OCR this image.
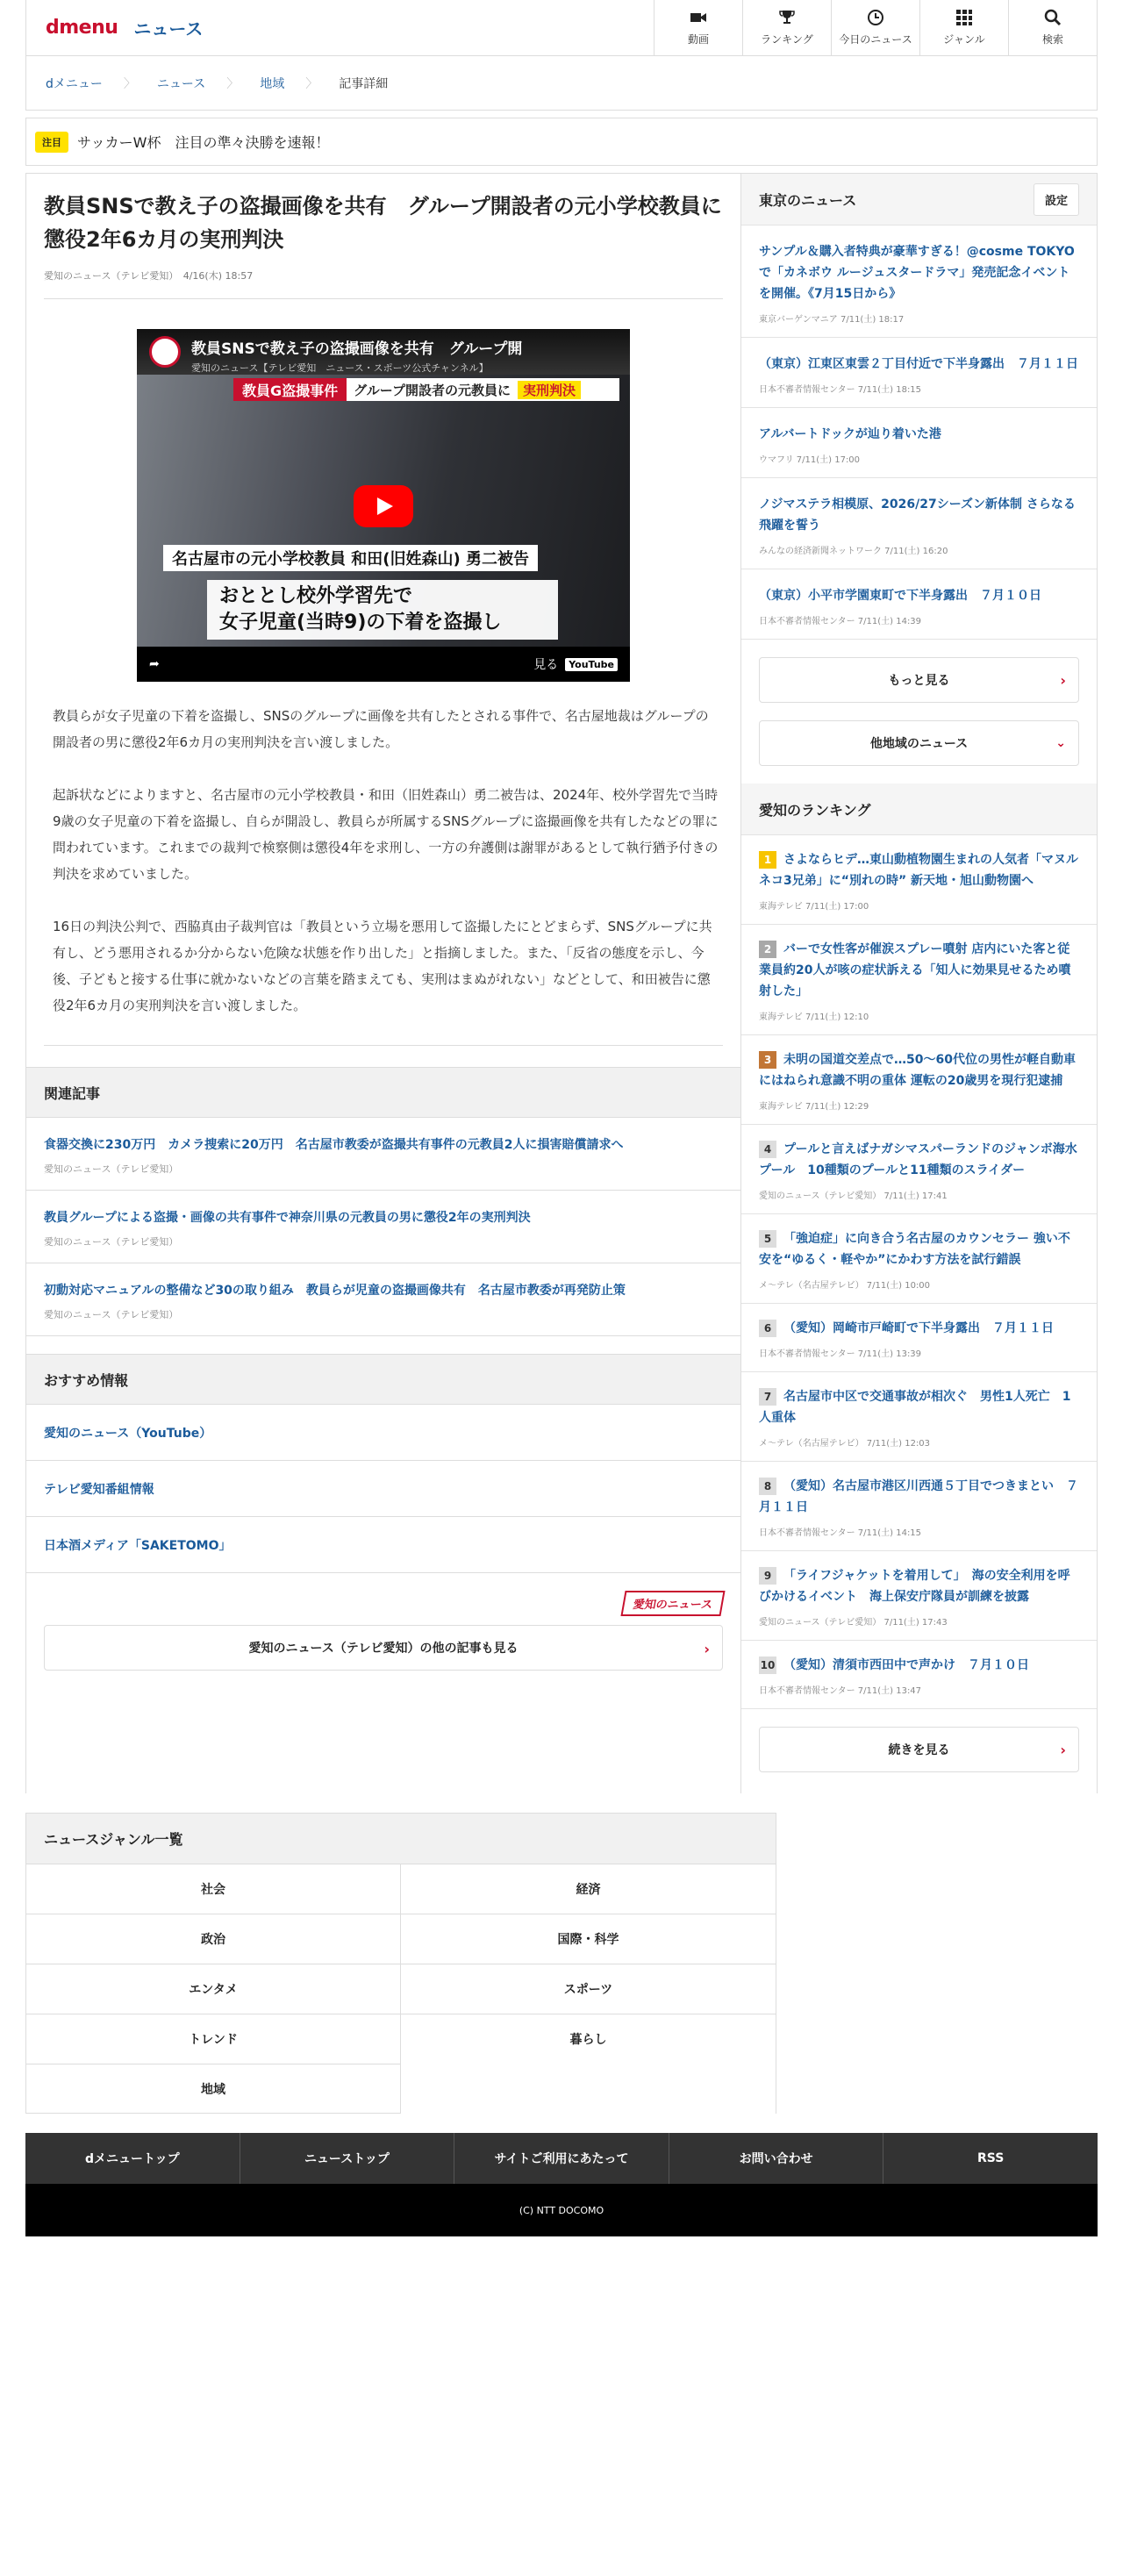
dmenu ニュース	動画	ランキング 今日のニュース	ジャンル	検索
dメニュー 〉 ニュース 〉 地域 〉 記事詳細
注目	サッカーW杯　注目の準々決勝を速報！
教員SNSで教え子の盗撮画像を共有　グループ開設者の元小学校教員に懲役2年6カ月の実刑判決
愛知のニュース（テレビ愛知）　4/16(木) 18:57
教員SNSで教え子の盗撮画像を共有　グループ開
愛知のニュース【テレビ愛知　ニュース・スポーツ公式チャンネル】
教員G盗撮事件	グループ開設者の元教員に 実刑判決
名古屋市の元小学校教員 和田(旧姓森山) 勇二被告
おととし校外学習先で
女子児童(当時9)の下着を盗撮し
➦	見る	YouTube

教員らが女子児童の下着を盗撮し、SNSのグループに画像を共有したとされる事件で、名古屋地裁はグループの開設者の男に懲役2年6カ月の実刑判決を言い渡しました。

起訴状などによりますと、名古屋市の元小学校教員・和田（旧姓森山）勇二被告は、2024年、校外学習先で当時9歳の女子児童の下着を盗撮し、自らが開設し、教員らが所属するSNSグループに盗撮画像を共有したなどの罪に問われています。これまでの裁判で検察側は懲役4年を求刑し、一方の弁護側は謝罪があるとして執行猶予付きの判決を求めていました。

16日の判決公判で、西脇真由子裁判官は「教員という立場を悪用して盗撮したにとどまらず、SNSグループに共有し、どう悪用されるか分からない危険な状態を作り出した」と指摘しました。また、「反省の態度を示し、今後、子どもと接する仕事に就かないなどの言葉を踏まえても、実刑はまぬがれない」などとして、和田被告に懲役2年6カ月の実刑判決を言い渡しました。

関連記事
食器交換に230万円　カメラ捜索に20万円　名古屋市教委が盗撮共有事件の元教員2人に損害賠償請求へ
愛知のニュース（テレビ愛知）
教員グループによる盗撮・画像の共有事件で神奈川県の元教員の男に懲役2年の実刑判決
愛知のニュース（テレビ愛知）
初動対応マニュアルの整備など30の取り組み　教員らが児童の盗撮画像共有　名古屋市教委が再発防止策
愛知のニュース（テレビ愛知）
おすすめ情報
愛知のニュース（YouTube）
テレビ愛知番組情報
日本酒メディア「SAKETOMO」
愛知のニュース
愛知のニュース（テレビ愛知）の他の記事も見る	›
東京のニュース	設定
サンプル＆購入者特典が豪華すぎる！@cosme TOKYOで「カネボウ ルージュスタードラマ」発売記念イベントを開催。《7月15日から》
東京バーゲンマニア 7/11(土) 18:17
（東京）江東区東雲２丁目付近で下半身露出　７月１１日
日本不審者情報センター 7/11(土) 18:15
アルバートドックが辿り着いた港
ウマフリ 7/11(土) 17:00
ノジマステラ相模原、2026/27シーズン新体制 さらなる飛躍を誓う
みんなの経済新聞ネットワーク 7/11(土) 16:20
（東京）小平市学園東町で下半身露出　７月１０日
日本不審者情報センター 7/11(土) 14:39
もっと見る	›
他地域のニュース	⌄
愛知のランキング
1 さよならヒデ…東山動植物園生まれの人気者「マヌルネコ3兄弟」に“別れの時” 新天地・旭山動物園へ
東海テレビ 7/11(土) 17:00
2 バーで女性客が催涙スプレー噴射 店内にいた客と従業員約20人が咳の症状訴える「知人に効果見せるため噴射した」
東海テレビ 7/11(土) 12:10
3 未明の国道交差点で…50～60代位の男性が軽自動車にはねられ意識不明の重体 運転の20歳男を現行犯逮捕
東海テレビ 7/11(土) 12:29
4 プールと言えばナガシマスパーランドのジャンボ海水プール　10種類のプールと11種類のスライダー
愛知のニュース（テレビ愛知） 7/11(土) 17:41
5 「強迫症」に向き合う名古屋のカウンセラー 強い不安を“ゆるく・軽やか”にかわす方法を試行錯誤
メ～テレ（名古屋テレビ） 7/11(土) 10:00
6 （愛知）岡崎市戸崎町で下半身露出　７月１１日
日本不審者情報センター 7/11(土) 13:39
7 名古屋市中区で交通事故が相次ぐ　男性1人死亡　1人重体
メ～テレ（名古屋テレビ） 7/11(土) 12:03
8 （愛知）名古屋市港区川西通５丁目でつきまとい　７月１１日
日本不審者情報センター 7/11(土) 14:15
9 「ライフジャケットを着用して」　海の安全利用を呼びかけるイベント　海上保安庁隊員が訓練を披露
愛知のニュース（テレビ愛知） 7/11(土) 17:43
10 （愛知）清須市西田中で声かけ　７月１０日
日本不審者情報センター 7/11(土) 13:47
続きを見る	›
ニュースジャンル一覧
社会	経済
政治	国際・科学
エンタメ	スポーツ
トレンド	暮らし
地域
dメニュートップ	ニューストップ	サイトご利用にあたって	お問い合わせ	RSS
(C) NTT DOCOMO
